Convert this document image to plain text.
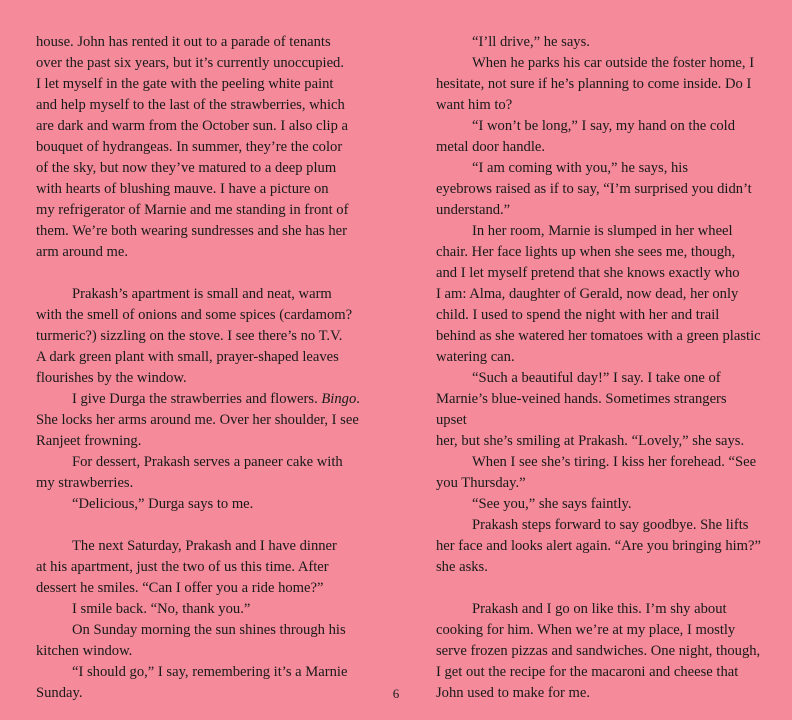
house. John has rented it out to a parade of tenants
over the past six years, but it’s currently unoccupied.
I let myself in the gate with the peeling white paint
and help myself to the last of the strawberries, which
are dark and warm from the October sun. I also clip a
bouquet of hydrangeas. In summer, they’re the color
of the sky, but now they’ve matured to a deep plum
with hearts of blushing mauve. I have a picture on
my refrigerator of Marnie and me standing in front of
them. We’re both wearing sundresses and she has her
arm around me.

Prakash’s apartment is small and neat, warm
with the smell of onions and some spices (cardamom?
turmeric?) sizzling on the stove. I see there’s no T.V.
A dark green plant with small, prayer-shaped leaves
flourishes by the window.

I give Durga the strawberries and flowers. Bingo.
She locks her arms around me. Over her shoulder, I see
Ranjeet frowning.

For dessert, Prakash serves a paneer cake with
my strawberries.

“Delicious,” Durga says to me.

The next Saturday, Prakash and I have dinner
at his apartment, just the two of us this time. After
dessert he smiles. “Can I offer you a ride home?”

I smile back. “No, thank you.”

On Sunday morning the sun shines through his
kitchen window.

“I should go,” I say, remembering it’s a Marnie
Sunday.

“I’ll drive,” he says.

When he parks his car outside the foster home, I
hesitate, not sure if he’s planning to come inside. Do I
want him to?

“I won’t be long,” I say, my hand on the cold
metal door handle.

“I am coming with you,” he says, his
eyebrows raised as if to say, “I’m surprised you didn’t
understand.”

In her room, Marnie is slumped in her wheel
chair. Her face lights up when she sees me, though,
and I let myself pretend that she knows exactly who
I am: Alma, daughter of Gerald, now dead, her only
child. I used to spend the night with her and trail
behind as she watered her tomatoes with a green plastic
watering can.

“Such a beautiful day!” I say. I take one of
Marnie’s blue-veined hands. Sometimes strangers upset
her, but she’s smiling at Prakash. “Lovely,” she says.

When I see she’s tiring. I kiss her forehead. “See
you Thursday.”

“See you,” she says faintly.

Prakash steps forward to say goodbye. She lifts
her face and looks alert again. “Are you bringing him?”
she asks.

Prakash and I go on like this. I’m shy about
cooking for him. When we’re at my place, I mostly
serve frozen pizzas and sandwiches. One night, though,
I get out the recipe for the macaroni and cheese that
John used to make for me.

6
